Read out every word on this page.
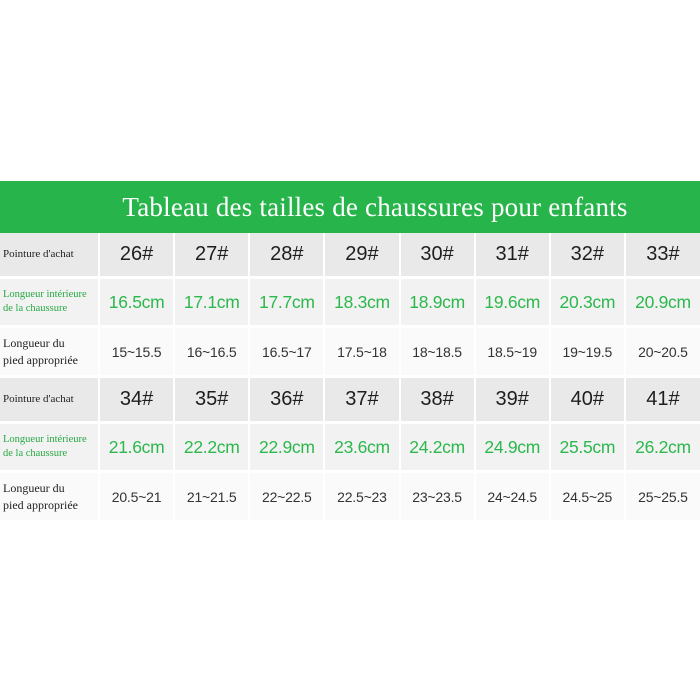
Tableau des tailles de chaussures pour enfants
Pointure d'achat	26#	27#	28#	29#	30#	31#	32#	33#
Longueur intérieure
de la chaussure	16.5cm	17.1cm	17.7cm	18.3cm	18.9cm	19.6cm	20.3cm	20.9cm
Longueur du
pied appropriée	15~15.5	16~16.5	16.5~17	17.5~18	18~18.5	18.5~19	19~19.5	20~20.5
Pointure d'achat	34#	35#	36#	37#	38#	39#	40#	41#
Longueur intérieure
de la chaussure	21.6cm	22.2cm	22.9cm	23.6cm	24.2cm	24.9cm	25.5cm	26.2cm
Longueur du
pied appropriée	20.5~21	21~21.5	22~22.5	22.5~23	23~23.5	24~24.5	24.5~25	25~25.5
